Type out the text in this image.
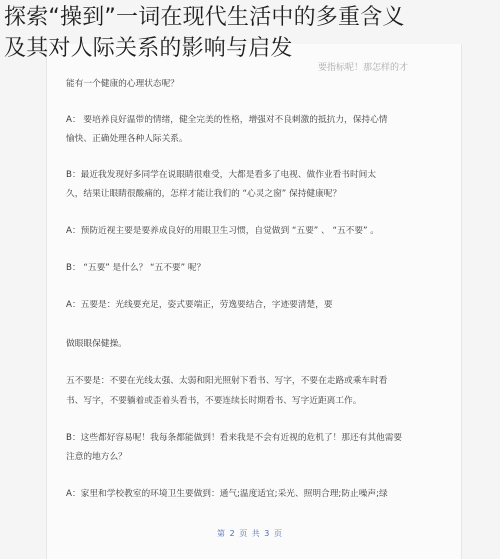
探索“操到”一词在现代生活中的多重含义
及其对人际关系的影响与启发
要指标呢！那怎样的才
能有一个健康的心理状态呢？
A： 要培养良好温带的情绪，健全完美的性格，增强对不良刺激的抵抗力，保持心情
愉快、正确处理各种人际关系。
B：最近我发现好多同学在说眼睛很难受，大都是看多了电视、做作业看书时间太
久，结果让眼睛很酸痛的，怎样才能让我们的 “心灵之窗” 保持健康呢？
A：预防近视主要是要养成良好的用眼卫生习惯，自觉做到 “五要” 、 “五不要” 。
B： “五要” 是什么？ “五不要” 呢？
A：五要是：光线要充足，姿式要端正，劳逸要结合，字迹要清楚，要
做眼眼保健操。
五不要是：不要在光线太强、太弱和阳光照射下看书、写字，不要在走路或乘车时看
书、写字，不要躺着或歪着头看书，不要连续长时期看书、写字近距离工作。
B：这些都好容易呢！我每条都能做到！看来我是不会有近视的危机了！那还有其他需要
注意的地方么？
A：家里和学校教室的环境卫生要做到：通气;温度适宜;采光、照明合理;防止噪声;绿
第 2 页 共 3 页
